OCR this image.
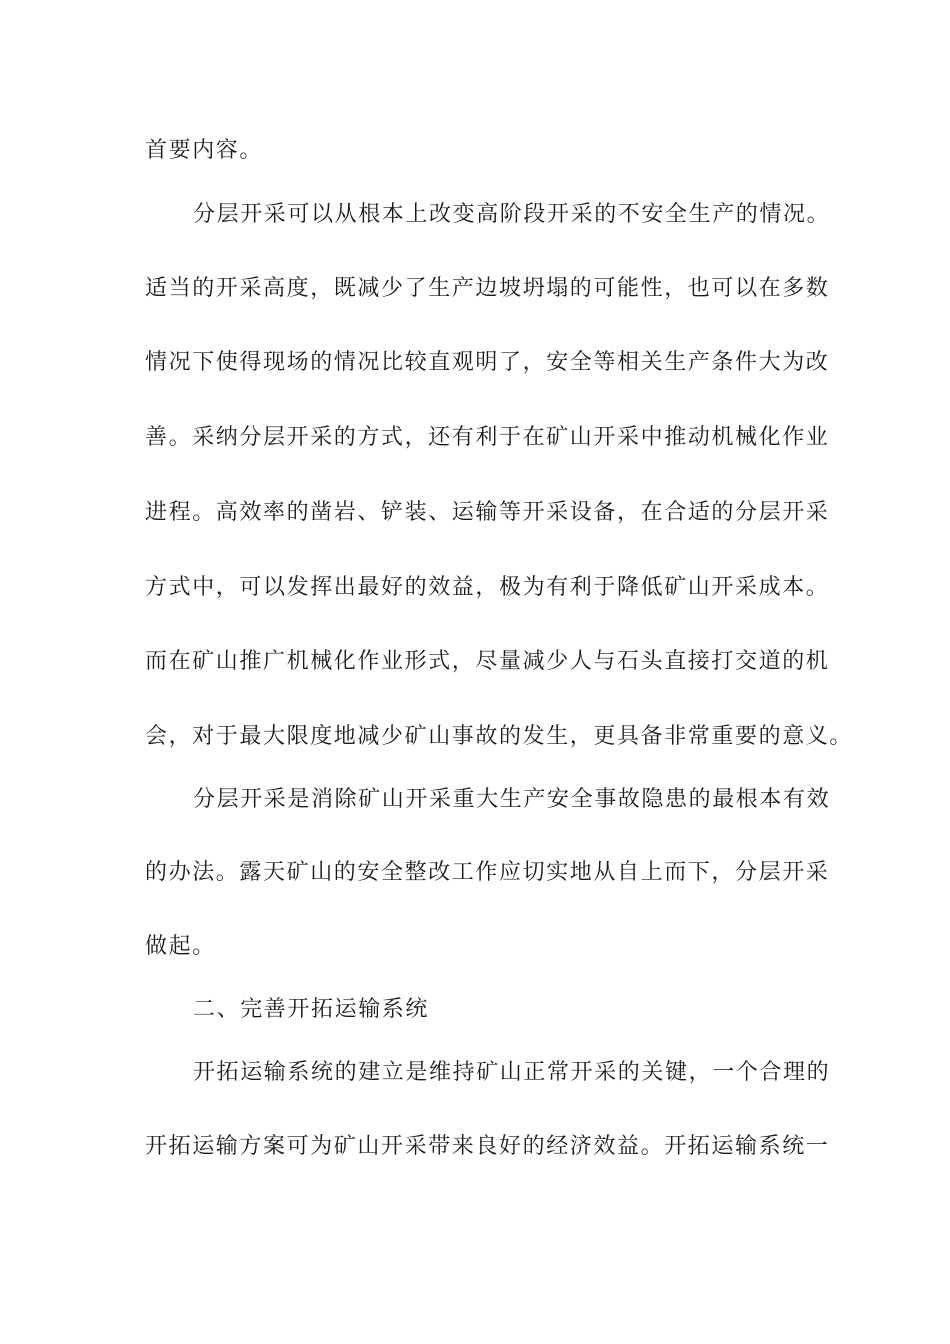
首要内容。
分层开采可以从根本上改变高阶段开采的不安全生产的情况。
适当的开采高度，既减少了生产边坡坍塌的可能性，也可以在多数
情况下使得现场的情况比较直观明了，安全等相关生产条件大为改
善。采纳分层开采的方式，还有利于在矿山开采中推动机械化作业
进程。高效率的凿岩、铲装、运输等开采设备，在合适的分层开采
方式中，可以发挥出最好的效益，极为有利于降低矿山开采成本。
而在矿山推广机械化作业形式，尽量减少人与石头直接打交道的机
会，对于最大限度地减少矿山事故的发生，更具备非常重要的意义。
分层开采是消除矿山开采重大生产安全事故隐患的最根本有效
的办法。露天矿山的安全整改工作应切实地从自上而下，分层开采
做起。
二、完善开拓运输系统
开拓运输系统的建立是维持矿山正常开采的关键，一个合理的
开拓运输方案可为矿山开采带来良好的经济效益。开拓运输系统一
